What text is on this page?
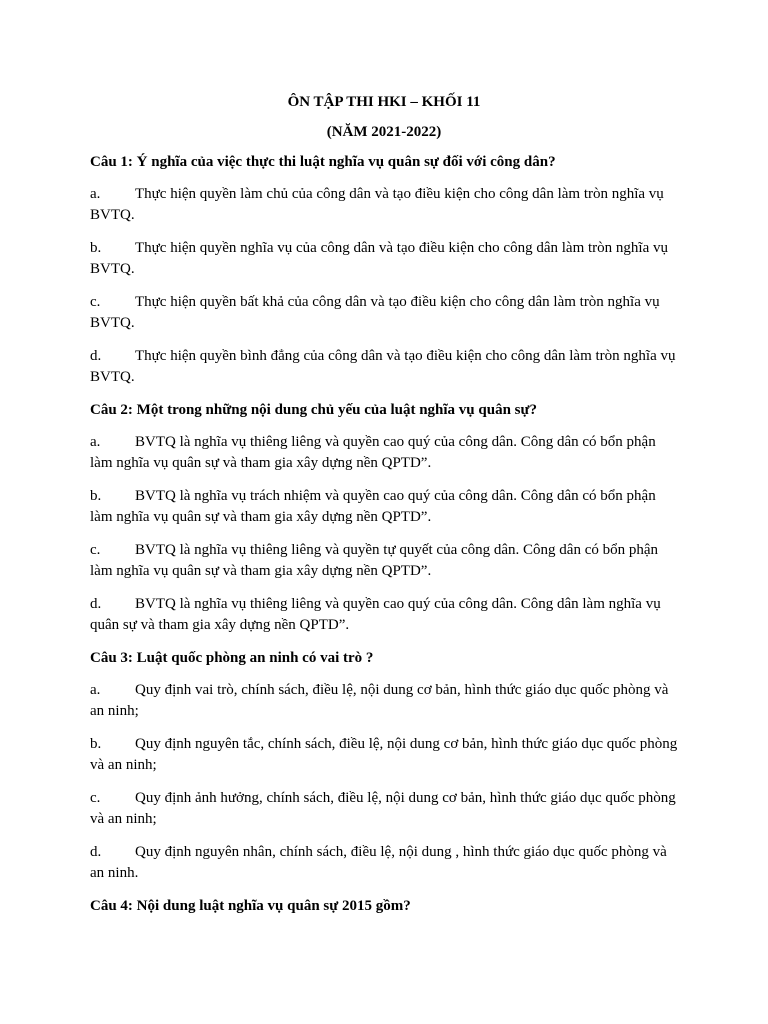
ÔN TẬP THI HKI – KHỐI 11
(NĂM 2021-2022)
Câu 1: Ý nghĩa của việc thực thi luật nghĩa vụ quân sự đối với công dân?
a. Thực hiện quyền làm chủ của công dân và tạo điều kiện cho công dân làm tròn nghĩa vụ BVTQ.
b. Thực hiện quyền nghĩa vụ của công dân và tạo điều kiện cho công dân làm tròn nghĩa vụ BVTQ.
c. Thực hiện quyền bất khả của công dân và tạo điều kiện cho công dân làm tròn nghĩa vụ BVTQ.
d. Thực hiện quyền bình đẳng của công dân và tạo điều kiện cho công dân làm tròn nghĩa vụ BVTQ.
Câu 2: Một trong những nội dung chủ yếu của luật nghĩa vụ quân sự?
a. BVTQ là nghĩa vụ thiêng liêng và quyền cao quý của công dân. Công dân có bổn phận làm nghĩa vụ quân sự và tham gia xây dựng nền QPTD”.
b. BVTQ là nghĩa vụ trách nhiệm và quyền cao quý của công dân. Công dân có bổn phận làm nghĩa vụ quân sự và tham gia xây dựng nền QPTD”.
c. BVTQ là nghĩa vụ thiêng liêng và quyền tự quyết của công dân. Công dân có bổn phận làm nghĩa vụ quân sự và tham gia xây dựng nền QPTD”.
d. BVTQ là nghĩa vụ thiêng liêng và quyền cao quý của công dân. Công dân làm nghĩa vụ quân sự và tham gia xây dựng nền QPTD”.
Câu 3: Luật quốc phòng an ninh có vai trò ?
a. Quy định vai trò, chính sách, điều lệ, nội dung cơ bản, hình thức giáo dục quốc phòng và an ninh;
b. Quy định nguyên tắc, chính sách, điều lệ, nội dung cơ bản, hình thức giáo dục quốc phòng và an ninh;
c. Quy định ảnh hưởng, chính sách, điều lệ, nội dung cơ bản, hình thức giáo dục quốc phòng và an ninh;
d. Quy định nguyên nhân, chính sách, điều lệ, nội dung , hình thức giáo dục quốc phòng và an ninh.
Câu 4: Nội dung luật nghĩa vụ quân sự 2015 gồm?
